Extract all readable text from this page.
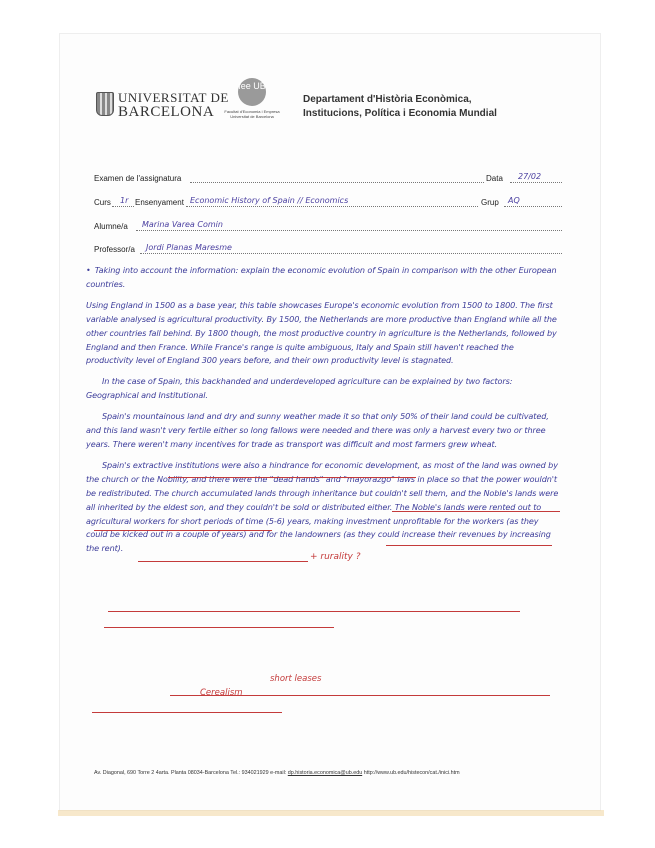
UNIVERSITAT DE
BARCELONA
fee UB
Facultat d'Economia i Empresa Universitat de Barcelona
Departament d'Història Econòmica,
Institucions, Política i Economia Mundial
Examen de l'assignatura	Data 27/02
Curs 1r Ensenyament Economic History of Spain // Economics	Grup AQ
Alumne/a Marina Varea Comin
Professor/a Jordi Planas Maresme

• Taking into account the information: explain the economic evolution of Spain in comparison with the other European countries.

Using England in 1500 as a base year, this table showcases Europe's economic evolution from 1500 to 1800. The first variable analysed is agricultural productivity. By 1500, the Netherlands are more productive than England while all the other countries fall behind. By 1800 though, the most productive country in agriculture is the Netherlands, followed by England and then France. While France's range is quite ambiguous, Italy and Spain still haven't reached the productivity level of England 300 years before, and their own productivity level is stagnated.

In the case of Spain, this backhanded and underdeveloped agriculture can be explained by two factors: Geographical and Institutional.

Spain's mountainous land and dry and sunny weather made it so that only 50% of their land could be cultivated, and this land wasn't very fertile either so long fallows were needed and there was only a harvest every two or three years. There weren't many incentives for trade as transport was difficult and most farmers grew wheat.

Spain's extractive institutions were also a hindrance for economic development, as most of the land was owned by the church or the Nobility, and there were the "dead hands" and "mayorazgo" laws in place so that the power wouldn't be redistributed. The church accumulated lands through inheritance but couldn't sell them, and the Noble's lands were all inherited by the eldest son, and they couldn't be sold or distributed either. The Noble's lands were rented out to agricultural workers for short periods of time (5-6) years, making investment unprofitable for the workers (as they could be kicked out in a couple of years) and for the landowners (as they could increase their revenues by increasing the rent).

+ rurality ?
short leases
Cerealism
Av. Diagonal, 690 Torre 2 4arta. Planta 08034-Barcelona Tel.: 934021929 e-mail: dp.historia.economica@ub.edu http://www.ub.edu/histecon/cat./inici.htm
